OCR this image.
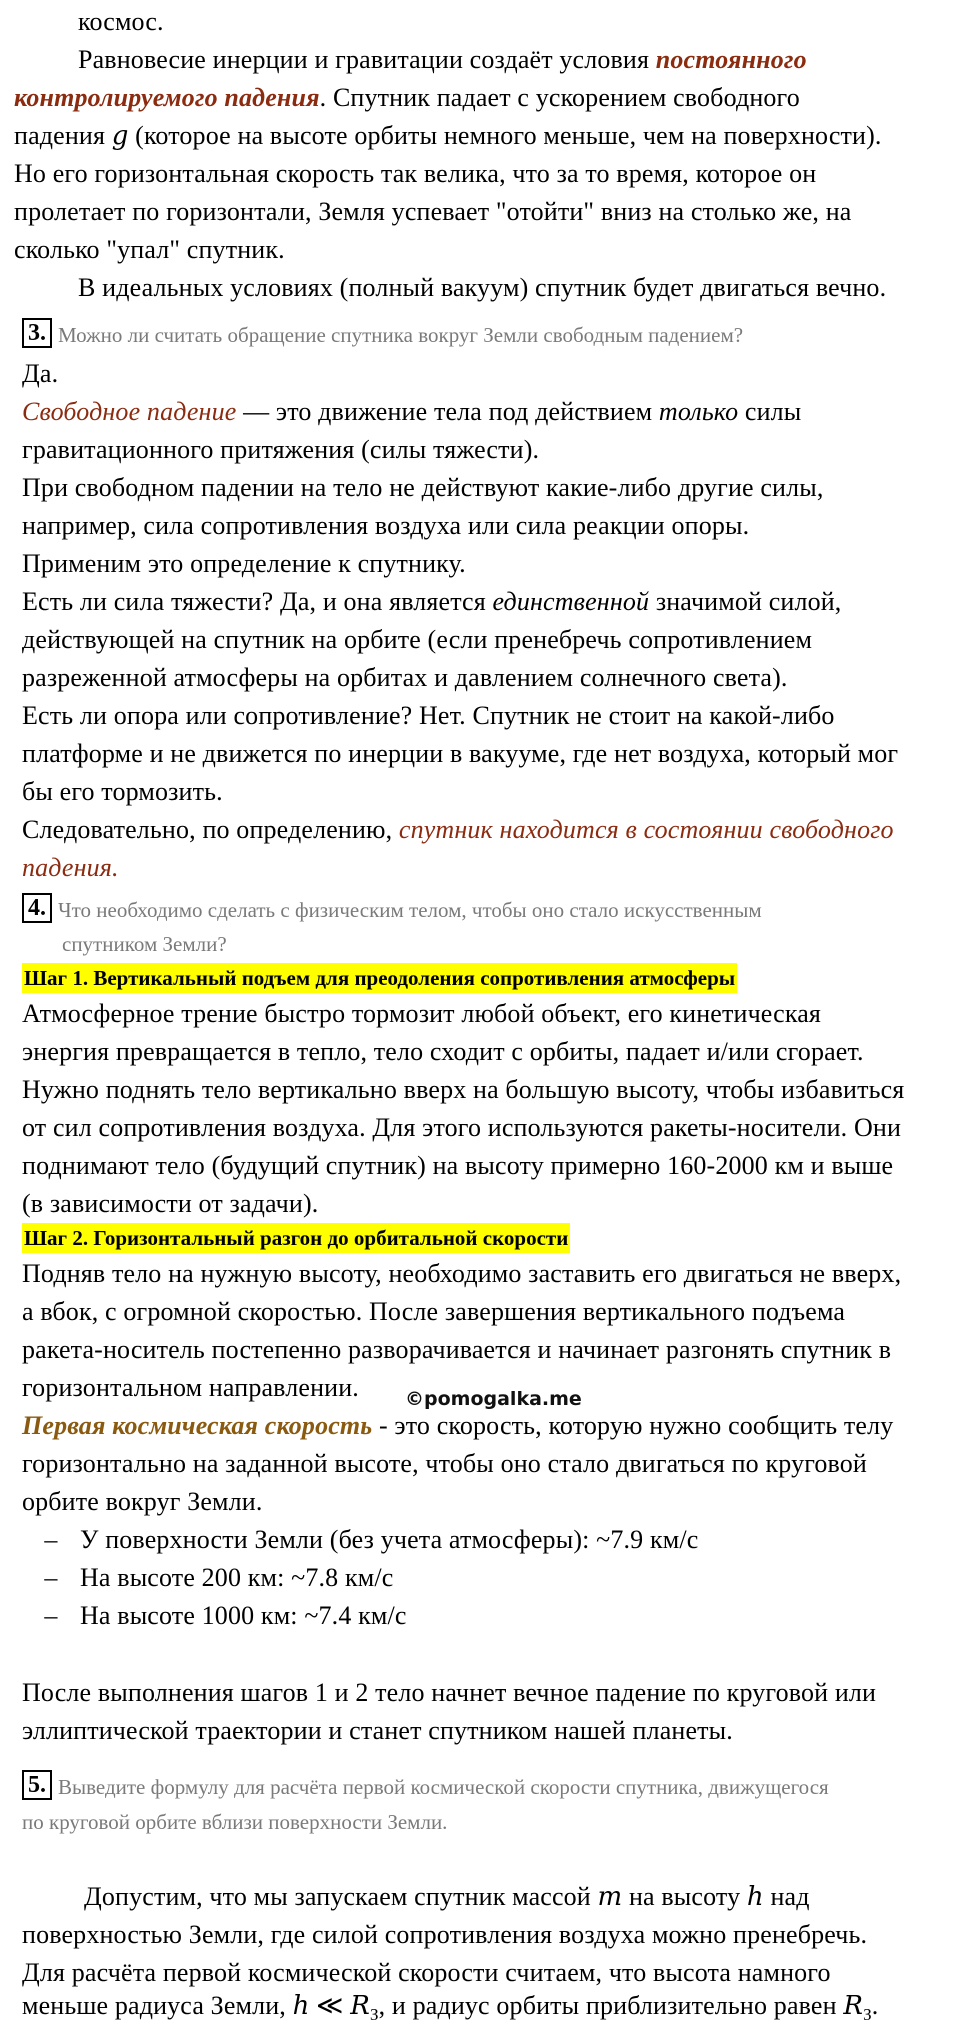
космос.
Равновесие инерции и гравитации создаёт условия постоянного
контролируемого падения. Спутник падает с ускорением свободного
падения g (которое на высоте орбиты немного меньше, чем на поверхности).
Но его горизонтальная скорость так велика, что за то время, которое он
пролетает по горизонтали, Земля успевает "отойти" вниз на столько же, на
сколько "упал" спутник.
В идеальных условиях (полный вакуум) спутник будет двигаться вечно.
3. Можно ли считать обращение спутника вокруг Земли свободным падением?
Да.
Свободное падение — это движение тела под действием только силы
гравитационного притяжения (силы тяжести).
При свободном падении на тело не действуют какие-либо другие силы,
например, сила сопротивления воздуха или сила реакции опоры.
Применим это определение к спутнику.
Есть ли сила тяжести? Да, и она является единственной значимой силой,
действующей на спутник на орбите (если пренебречь сопротивлением
разреженной атмосферы на орбитах и давлением солнечного света).
Есть ли опора или сопротивление? Нет. Спутник не стоит на какой-либо
платформе и не движется по инерции в вакууме, где нет воздуха, который мог
бы его тормозить.
Следовательно, по определению, спутник находится в состоянии свободного
падения.
4. Что необходимо сделать с физическим телом, чтобы оно стало искусственным
спутником Земли?
Шаг 1. Вертикальный подъем для преодоления сопротивления атмосферы
Атмосферное трение быстро тормозит любой объект, его кинетическая
энергия превращается в тепло, тело сходит с орбиты, падает и/или сгорает.
Нужно поднять тело вертикально вверх на большую высоту, чтобы избавиться
от сил сопротивления воздуха. Для этого используются ракеты-носители. Они
поднимают тело (будущий спутник) на высоту примерно 160-2000 км и выше
(в зависимости от задачи).
Шаг 2. Горизонтальный разгон до орбитальной скорости
Подняв тело на нужную высоту, необходимо заставить его двигаться не вверх,
а вбок, с огромной скоростью. После завершения вертикального подъема
ракета-носитель постепенно разворачивается и начинает разгонять спутник в
горизонтальном направлении. ©pomogalka.me
Первая космическая скорость - это скорость, которую нужно сообщить телу
горизонтально на заданной высоте, чтобы оно стало двигаться по круговой
орбите вокруг Земли.
– У поверхности Земли (без учета атмосферы): ~7.9 км/с
– На высоте 200 км: ~7.8 км/с
– На высоте 1000 км: ~7.4 км/с
После выполнения шагов 1 и 2 тело начнет вечное падение по круговой или
эллиптической траектории и станет спутником нашей планеты.
5. Выведите формулу для расчёта первой космической скорости спутника, движущегося
по круговой орбите вблизи поверхности Земли.
Допустим, что мы запускаем спутник массой m на высоту h над
поверхностью Земли, где силой сопротивления воздуха можно пренебречь.
Для расчёта первой космической скорости считаем, что высота намного
меньше радиуса Земли, h ≪ $R_З$, и радиус орбиты приблизительно равен $R_З$.
